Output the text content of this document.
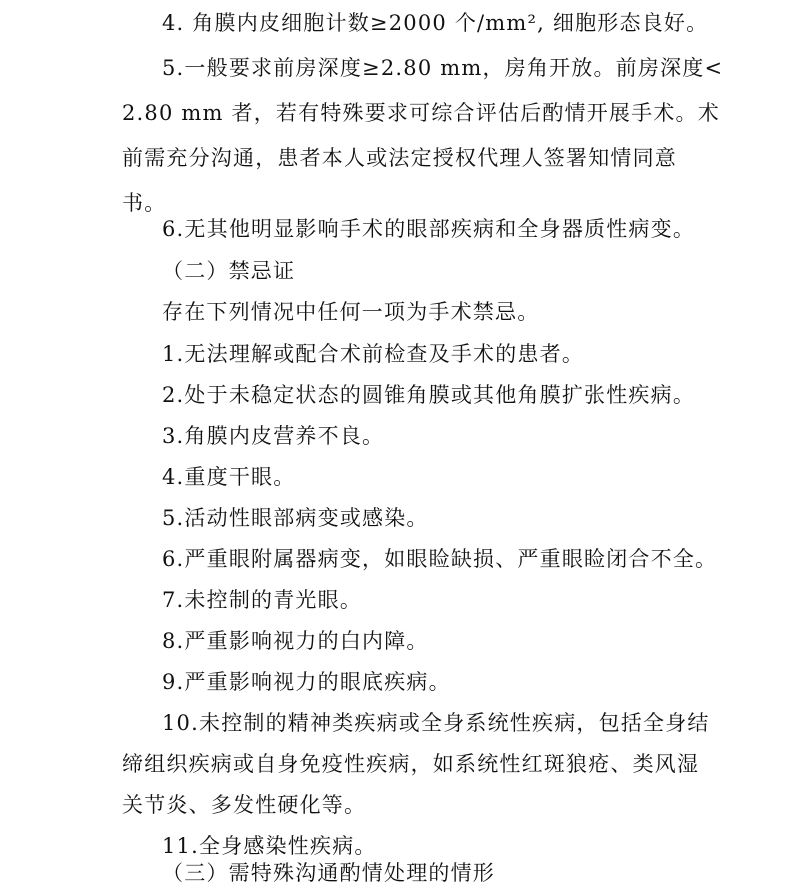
4. 角膜内皮细胞计数≥2000 个/mm², 细胞形态良好。
5.一般要求前房深度≥2.80 mm，房角开放。前房深度<
2.80 mm 者，若有特殊要求可综合评估后酌情开展手术。术
前需充分沟通，患者本人或法定授权代理人签署知情同意
书。
6.无其他明显影响手术的眼部疾病和全身器质性病变。
（二）禁忌证
存在下列情况中任何一项为手术禁忌。
1.无法理解或配合术前检查及手术的患者。
2.处于未稳定状态的圆锥角膜或其他角膜扩张性疾病。
3.角膜内皮营养不良。
4.重度干眼。
5.活动性眼部病变或感染。
6.严重眼附属器病变，如眼睑缺损、严重眼睑闭合不全。
7.未控制的青光眼。
8.严重影响视力的白内障。
9.严重影响视力的眼底疾病。
10.未控制的精神类疾病或全身系统性疾病，包括全身结
缔组织疾病或自身免疫性疾病，如系统性红斑狼疮、类风湿
关节炎、多发性硬化等。
11.全身感染性疾病。
（三）需特殊沟通酌情处理的情形
